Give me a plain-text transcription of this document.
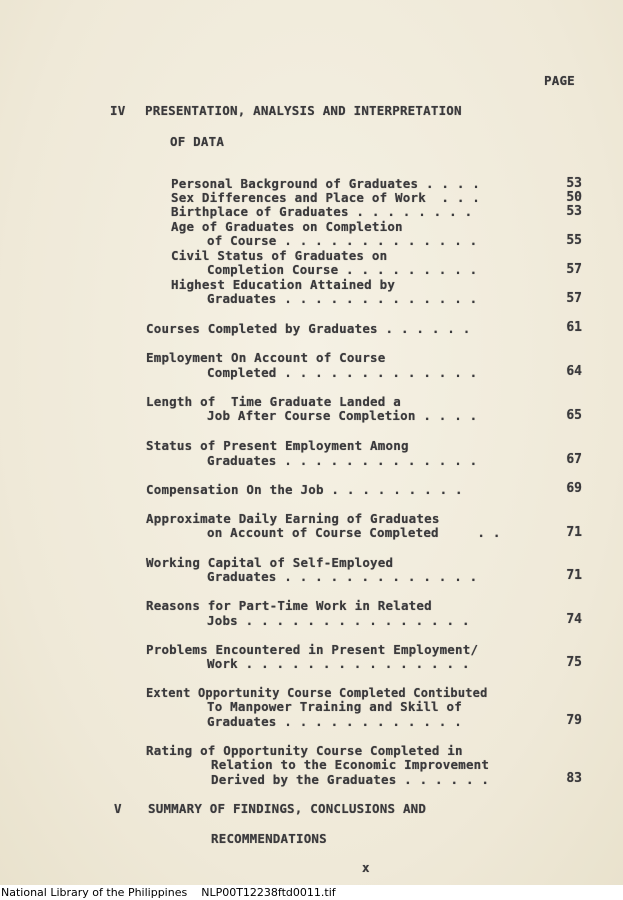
PAGE
IV PRESENTATION, ANALYSIS AND INTERPRETATION
OF DATA
Personal Background of Graduates . . . .	53
Sex Differences and Place of Work  . . .	50
Birthplace of Graduates . . . . . . . .	53
Age of Graduates on Completion
of Course . . . . . . . . . . . . .	55
Civil Status of Graduates on
Completion Course . . . . . . . . .	57
Highest Education Attained by
Graduates . . . . . . . . . . . . .	57
Courses Completed by Graduates . . . . . .	61
Employment On Account of Course
Completed . . . . . . . . . . . . .	64
Length of  Time Graduate Landed a
Job After Course Completion . . . .	65
Status of Present Employment Among
Graduates . . . . . . . . . . . . .	67
Compensation On the Job . . . . . . . . .	69
Approximate Daily Earning of Graduates
on Account of Course Completed     . .	71
Working Capital of Self-Employed
Graduates . . . . . . . . . . . . .	71
Reasons for Part-Time Work in Related
Jobs . . . . . . . . . . . . . . .	74
Problems Encountered in Present Employment/
Work . . . . . . . . . . . . . . .	75
Extent Opportunity Course Completed Contibuted
To Manpower Training and Skill of
Graduates . . . . . . . . . . . .	79
Rating of Opportunity Course Completed in
Relation to the Economic Improvement
Derived by the Graduates . . . . . .	83
V SUMMARY OF FINDINGS, CONCLUSIONS AND
RECOMMENDATIONS
x
National Library of the Philippines NLP00T12238ftd0011.tif
